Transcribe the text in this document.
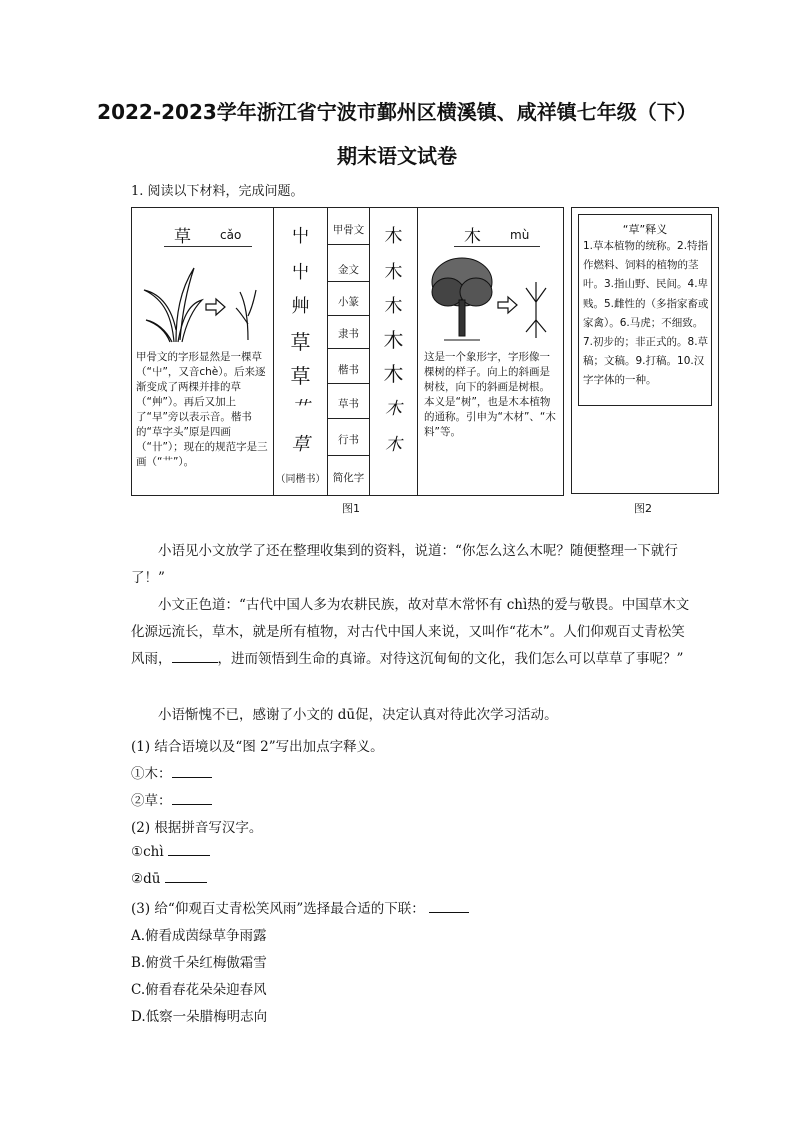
2022-2023学年浙江省宁波市鄞州区横溪镇、咸祥镇七年级（下）
期末语文试卷
1. 阅读以下材料，完成问题。
草 cǎo
甲骨文的字形显然是一棵草（“屮”，又音chè）。后来逐渐变成了两棵并排的草（“艸”）。再后又加上了“早”旁以表示音。楷书的“草字头”原是四画（“卄”）；现在的规范字是三画（“艹”）。
屮
屮
艸
草
草
艹
草
（同楷书）
甲骨文
金文
小篆
隶书
楷书
草书
行书
简化字
木
木
木
木
木
木
木
木 mù
这是一个象形字，字形像一棵树的样子。向上的斜画是树枝，向下的斜画是树根。本义是“树”，也是木本植物的通称。引申为“木材”、“木料”等。
图1
“草”释义
1.草本植物的统称。2.特指作燃料、饲料的植物的茎叶。3.指山野、民间。4.卑贱。5.雌性的（多指家畜或家禽）。6.马虎；不细致。7.初步的；非正式的。8.草稿；文稿。9.打稿。10.汉字字体的一种。
图2
小语见小文放学了还在整理收集到的资料，说道：“你怎么这么木呢？随便整理一下就行了！”
小文正色道：“古代中国人多为农耕民族，故对草木常怀有 chì热的爱与敬畏。中国草木文化源远流长，草木，就是所有植物，对古代中国人来说，又叫作“花木”。人们仰观百丈青松笑风雨，	，进而领悟到生命的真谛。对待这沉甸甸的文化，我们怎么可以草草了事呢？”
小语惭愧不已，感谢了小文的 dū促，决定认真对待此次学习活动。
(1) 结合语境以及“图 2”写出加点字释义。
①木：
②草：
(2) 根据拼音写汉字。
①chì
②dū
(3) 给“仰观百丈青松笑风雨”选择最合适的下联：
A.俯看成茵绿草争雨露
B.俯赏千朵红梅傲霜雪
C.俯看春花朵朵迎春风
D.低察一朵腊梅明志向
